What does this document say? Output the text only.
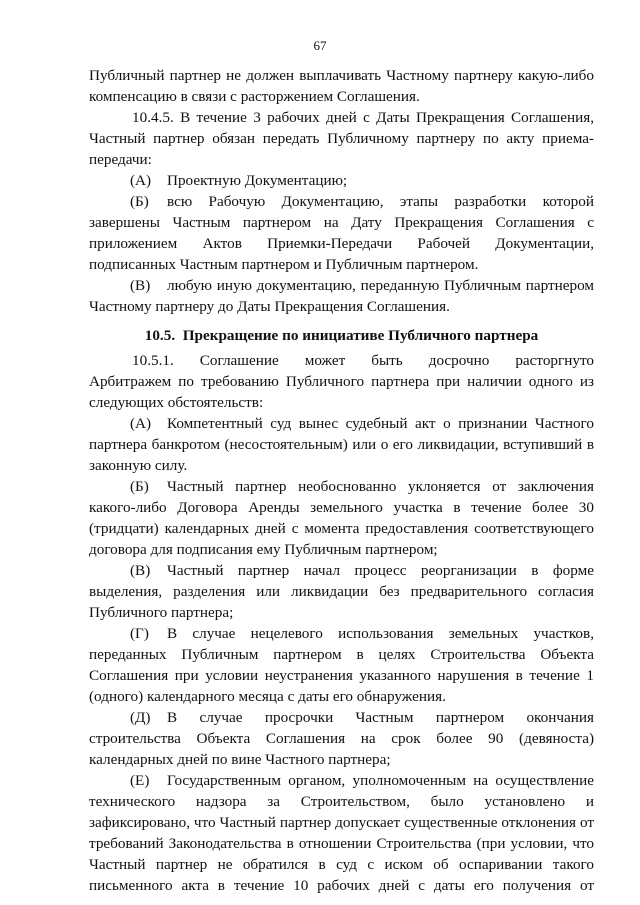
67
Публичный партнер не должен выплачивать Частному партнеру какую-либо
компенсацию в связи с расторжением Соглашения.
10.4.5. В течение 3 рабочих дней с Даты Прекращения Соглашения,
Частный партнер обязан передать Публичному партнеру по акту приема-
передачи:
(А) Проектную Документацию;
(Б)	всю Рабочую Документацию, этапы разработки которой
завершены Частным партнером на Дату Прекращения Соглашения с
приложением Актов Приемки-Передачи Рабочей Документации,
подписанных Частным партнером и Публичным партнером.
(В)	любую иную документацию, переданную Публичным партнером
Частному партнеру до Даты Прекращения Соглашения.
10.5.  Прекращение по инициативе Публичного партнера
10.5.1. Соглашение может быть досрочно расторгнуто
Арбитражем по требованию Публичного партнера при наличии одного из
следующих обстоятельств:
(А)	Компетентный суд вынес судебный акт о признании Частного
партнера банкротом (несостоятельным) или о его ликвидации, вступивший в
законную силу.
(Б)	Частный партнер необоснованно уклоняется от заключения
какого-либо Договора Аренды земельного участка в течение более 30
(тридцати) календарных дней с момента предоставления соответствующего
договора для подписания ему Публичным партнером;
(В)	Частный партнер начал процесс реорганизации в форме
выделения, разделения или ликвидации без предварительного согласия
Публичного партнера;
(Г)	В случае нецелевого использования земельных участков,
переданных Публичным партнером в целях Строительства Объекта
Соглашения при условии неустранения указанного нарушения в течение 1
(одного) календарного месяца с даты его обнаружения.
(Д)	В случае просрочки Частным партнером окончания
строительства Объекта Соглашения на срок более 90 (девяноста)
календарных дней по вине Частного партнера;
(Е)	Государственным органом, уполномоченным на осуществление
технического надзора за Строительством, было установлено и
зафиксировано, что Частный партнер допускает существенные отклонения от
требований Законодательства в отношении Строительства (при условии, что
Частный партнер не обратился в суд с иском об оспаривании такого
письменного акта в течение 10 рабочих дней с даты его получения от
